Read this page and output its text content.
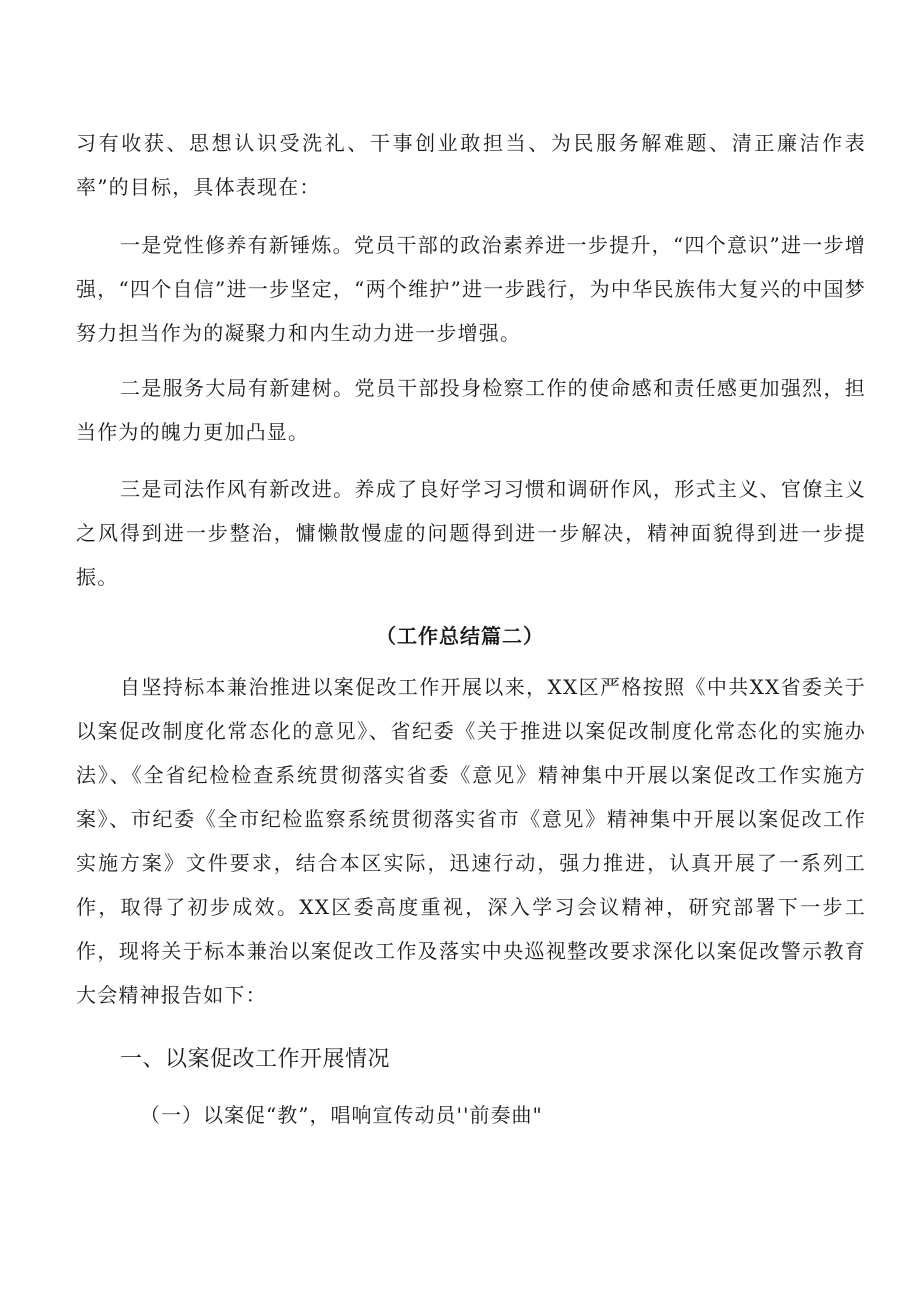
习有收获、思想认识受洗礼、干事创业敢担当、为民服务解难题、清正廉洁作表率”的目标，具体表现在：

一是党性修养有新锤炼。党员干部的政治素养进一步提升，“四个意识”进一步增强，“四个自信”进一步坚定，“两个维护”进一步践行，为中华民族伟大复兴的中国梦努力担当作为的凝聚力和内生动力进一步增强。

二是服务大局有新建树。党员干部投身检察工作的使命感和责任感更加强烈，担当作为的魄力更加凸显。

三是司法作风有新改进。养成了良好学习习惯和调研作风，形式主义、官僚主义之风得到进一步整治，慵懒散慢虚的问题得到进一步解决，精神面貌得到进一步提振。

（工作总结篇二）

自坚持标本兼治推进以案促改工作开展以来，XX区严格按照《中共XX省委关于以案促改制度化常态化的意见》、省纪委《关于推进以案促改制度化常态化的实施办法》、《全省纪检检查系统贯彻落实省委《意见》精神集中开展以案促改工作实施方案》、市纪委《全市纪检监察系统贯彻落实省市《意见》精神集中开展以案促改工作实施方案》文件要求，结合本区实际，迅速行动，强力推进，认真开展了一系列工作，取得了初步成效。XX区委高度重视，深入学习会议精神，研究部署下一步工作，现将关于标本兼治以案促改工作及落实中央巡视整改要求深化以案促改警示教育大会精神报告如下：

一、以案促改工作开展情况
（一）以案促“教”，唱响宣传动员''前奏曲"
